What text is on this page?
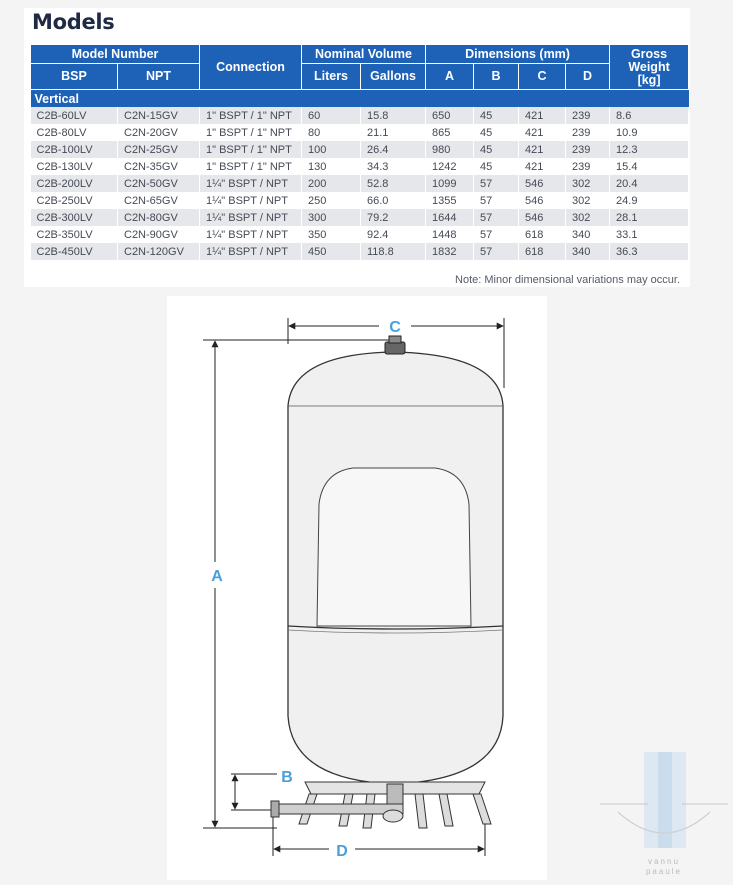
Models
Model Number		Connection	Nominal Volume		Dimensions (mm)				Gross Weight [kg]
BSP	NPT		Liters	Gallons	A	B	C	D	
Vertical									
C2B-60LV	C2N-15GV	1" BSPT / 1" NPT	60	15.8	650	45	421	239	8.6
C2B-80LV	C2N-20GV	1" BSPT / 1" NPT	80	21.1	865	45	421	239	10.9
C2B-100LV	C2N-25GV	1" BSPT / 1" NPT	100	26.4	980	45	421	239	12.3
C2B-130LV	C2N-35GV	1" BSPT / 1" NPT	130	34.3	1242	45	421	239	15.4
C2B-200LV	C2N-50GV	1¼" BSPT / NPT	200	52.8	1099	57	546	302	20.4
C2B-250LV	C2N-65GV	1¼" BSPT / NPT	250	66.0	1355	57	546	302	24.9
C2B-300LV	C2N-80GV	1¼" BSPT / NPT	300	79.2	1644	57	546	302	28.1
C2B-350LV	C2N-90GV	1¼" BSPT / NPT	350	92.4	1448	57	618	340	33.1
C2B-450LV	C2N-120GV	1¼" BSPT / NPT	450	118.8	1832	57	618	340	36.3
Note: Minor dimensional variations may occur.
C
A
B
D
vannu
paaule
